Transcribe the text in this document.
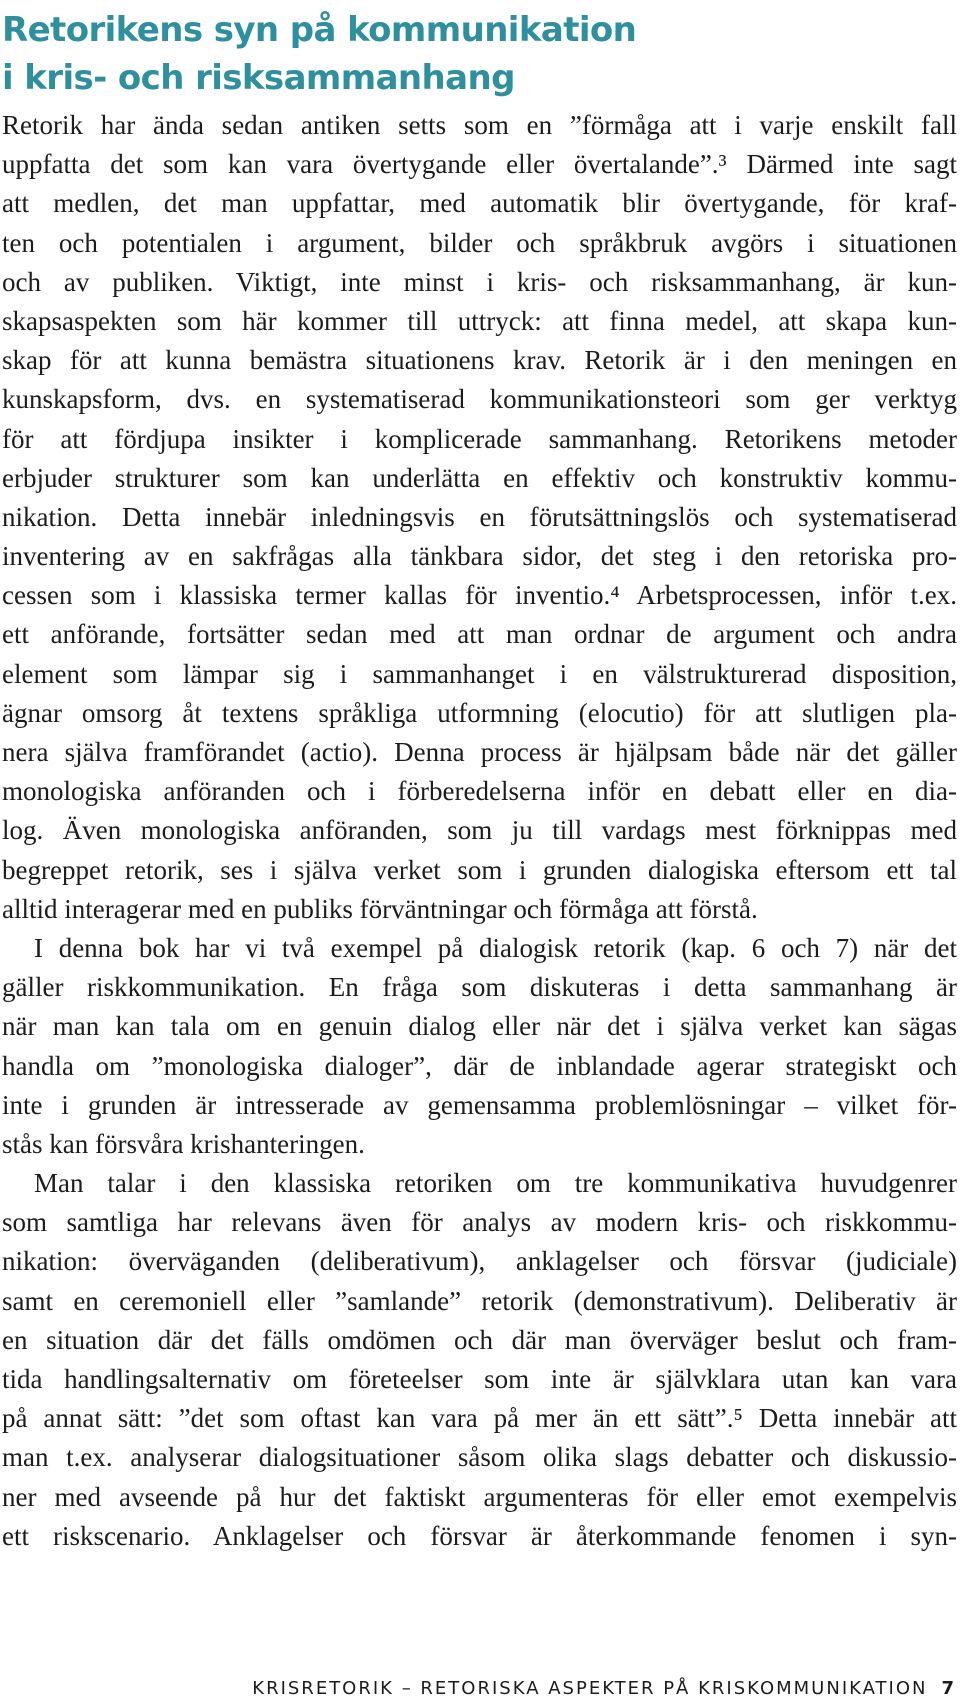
Retorikens syn på kommunikation
i kris- och risksammanhang
Retorik har ända sedan antiken setts som en ”förmåga att i varje enskilt fall
uppfatta det som kan vara övertygande eller övertalande”.³ Därmed inte sagt
att medlen, det man uppfattar, med automatik blir övertygande, för kraf-
ten och potentialen i argument, bilder och språkbruk avgörs i situationen
och av publiken. Viktigt, inte minst i kris- och risksammanhang, är kun-
skapsaspekten som här kommer till uttryck: att finna medel, att skapa kun-
skap för att kunna bemästra situationens krav. Retorik är i den meningen en
kunskapsform, dvs. en systematiserad kommunikationsteori som ger verktyg
för att fördjupa insikter i komplicerade sammanhang. Retorikens metoder
erbjuder strukturer som kan underlätta en effektiv och konstruktiv kommu-
nikation. Detta innebär inledningsvis en förutsättningslös och systematiserad
inventering av en sakfrågas alla tänkbara sidor, det steg i den retoriska pro-
cessen som i klassiska termer kallas för inventio.⁴ Arbetsprocessen, inför t.ex.
ett anförande, fortsätter sedan med att man ordnar de argument och andra
element som lämpar sig i sammanhanget i en välstrukturerad disposition,
ägnar omsorg åt textens språkliga utformning (elocutio) för att slutligen pla-
nera själva framförandet (actio). Denna process är hjälpsam både när det gäller
monologiska anföranden och i förberedelserna inför en debatt eller en dia-
log. Även monologiska anföranden, som ju till vardags mest förknippas med
begreppet retorik, ses i själva verket som i grunden dialogiska eftersom ett tal
alltid interagerar med en publiks förväntningar och förmåga att förstå.
I denna bok har vi två exempel på dialogisk retorik (kap. 6 och 7) när det
gäller riskkommunikation. En fråga som diskuteras i detta sammanhang är
när man kan tala om en genuin dialog eller när det i själva verket kan sägas
handla om ”monologiska dialoger”, där de inblandade agerar strategiskt och
inte i grunden är intresserade av gemensamma problemlösningar – vilket för-
stås kan försvåra krishanteringen.
Man talar i den klassiska retoriken om tre kommunikativa huvudgenrer
som samtliga har relevans även för analys av modern kris- och riskkommu-
nikation: överväganden (deliberativum), anklagelser och försvar (judiciale)
samt en ceremoniell eller ”samlande” retorik (demonstrativum). Deliberativ är
en situation där det fälls omdömen och där man överväger beslut och fram-
tida handlingsalternativ om företeelser som inte är självklara utan kan vara
på annat sätt: ”det som oftast kan vara på mer än ett sätt”.⁵ Detta innebär att
man t.ex. analyserar dialogsituationer såsom olika slags debatter och diskussio-
ner med avseende på hur det faktiskt argumenteras för eller emot exempelvis
ett riskscenario. Anklagelser och försvar är återkommande fenomen i syn-
KRISRETORIK – RETORISKA ASPEKTER PÅ KRISKOMMUNIKATION 7
